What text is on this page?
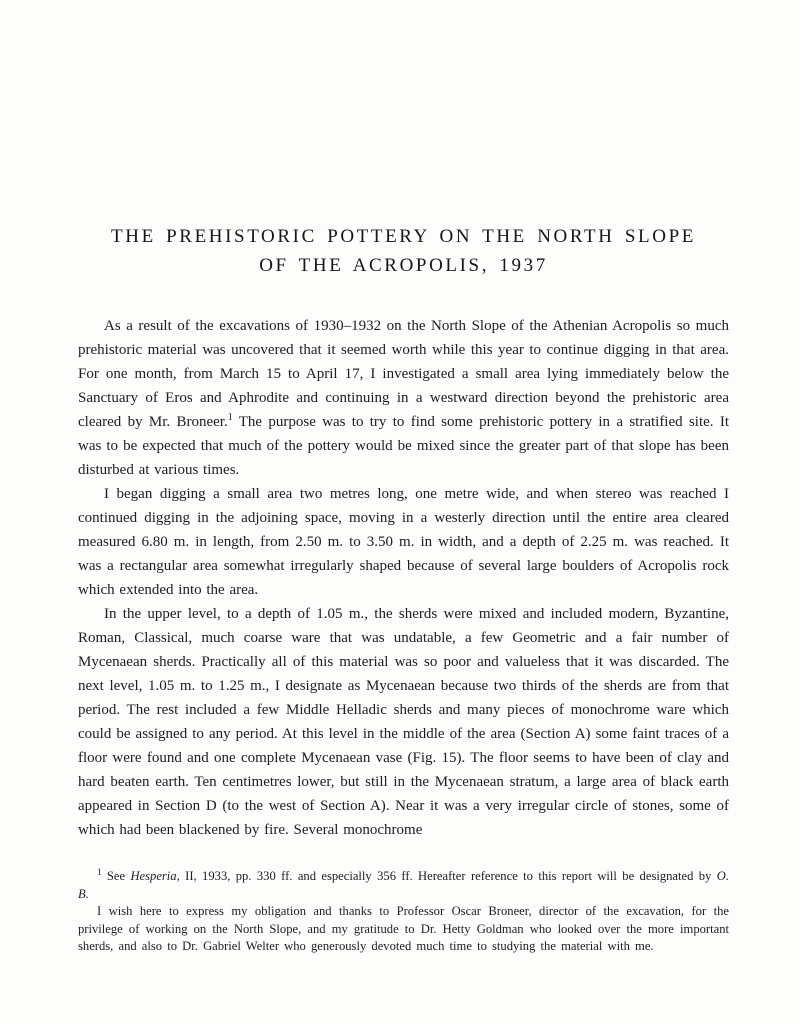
THE PREHISTORIC POTTERY ON THE NORTH SLOPE
OF THE ACROPOLIS, 1937

As a result of the excavations of 1930–1932 on the North Slope of the Athenian Acropolis so much prehistoric material was uncovered that it seemed worth while this year to continue digging in that area. For one month, from March 15 to April 17, I investigated a small area lying immediately below the Sanctuary of Eros and Aphrodite and continuing in a westward direction beyond the prehistoric area cleared by Mr. Broneer.$^1$ The purpose was to try to find some prehistoric pottery in a stratified site. It was to be expected that much of the pottery would be mixed since the greater part of that slope has been disturbed at various times.

I began digging a small area two metres long, one metre wide, and when stereo was reached I continued digging in the adjoining space, moving in a westerly direction until the entire area cleared measured 6.80 m. in length, from 2.50 m. to 3.50 m. in width, and a depth of 2.25 m. was reached. It was a rectangular area somewhat irregularly shaped because of several large boulders of Acropolis rock which extended into the area.

In the upper level, to a depth of 1.05 m., the sherds were mixed and included modern, Byzantine, Roman, Classical, much coarse ware that was undatable, a few Geometric and a fair number of Mycenaean sherds. Practically all of this material was so poor and valueless that it was discarded. The next level, 1.05 m. to 1.25 m., I designate as Mycenaean because two thirds of the sherds are from that period. The rest included a few Middle Helladic sherds and many pieces of monochrome ware which could be assigned to any period. At this level in the middle of the area (Section A) some faint traces of a floor were found and one complete Mycenaean vase (Fig. 15). The floor seems to have been of clay and hard beaten earth. Ten centimetres lower, but still in the Mycenaean stratum, a large area of black earth appeared in Section D (to the west of Section A). Near it was a very irregular circle of stones, some of which had been blackened by fire. Several monochrome

$^1$ See Hesperia, II, 1933, pp. 330 ff. and especially 356 ff. Hereafter reference to this report will be designated by O. B.

I wish here to express my obligation and thanks to Professor Oscar Broneer, director of the excavation, for the privilege of working on the North Slope, and my gratitude to Dr. Hetty Goldman who looked over the more important sherds, and also to Dr. Gabriel Welter who generously devoted much time to studying the material with me.
